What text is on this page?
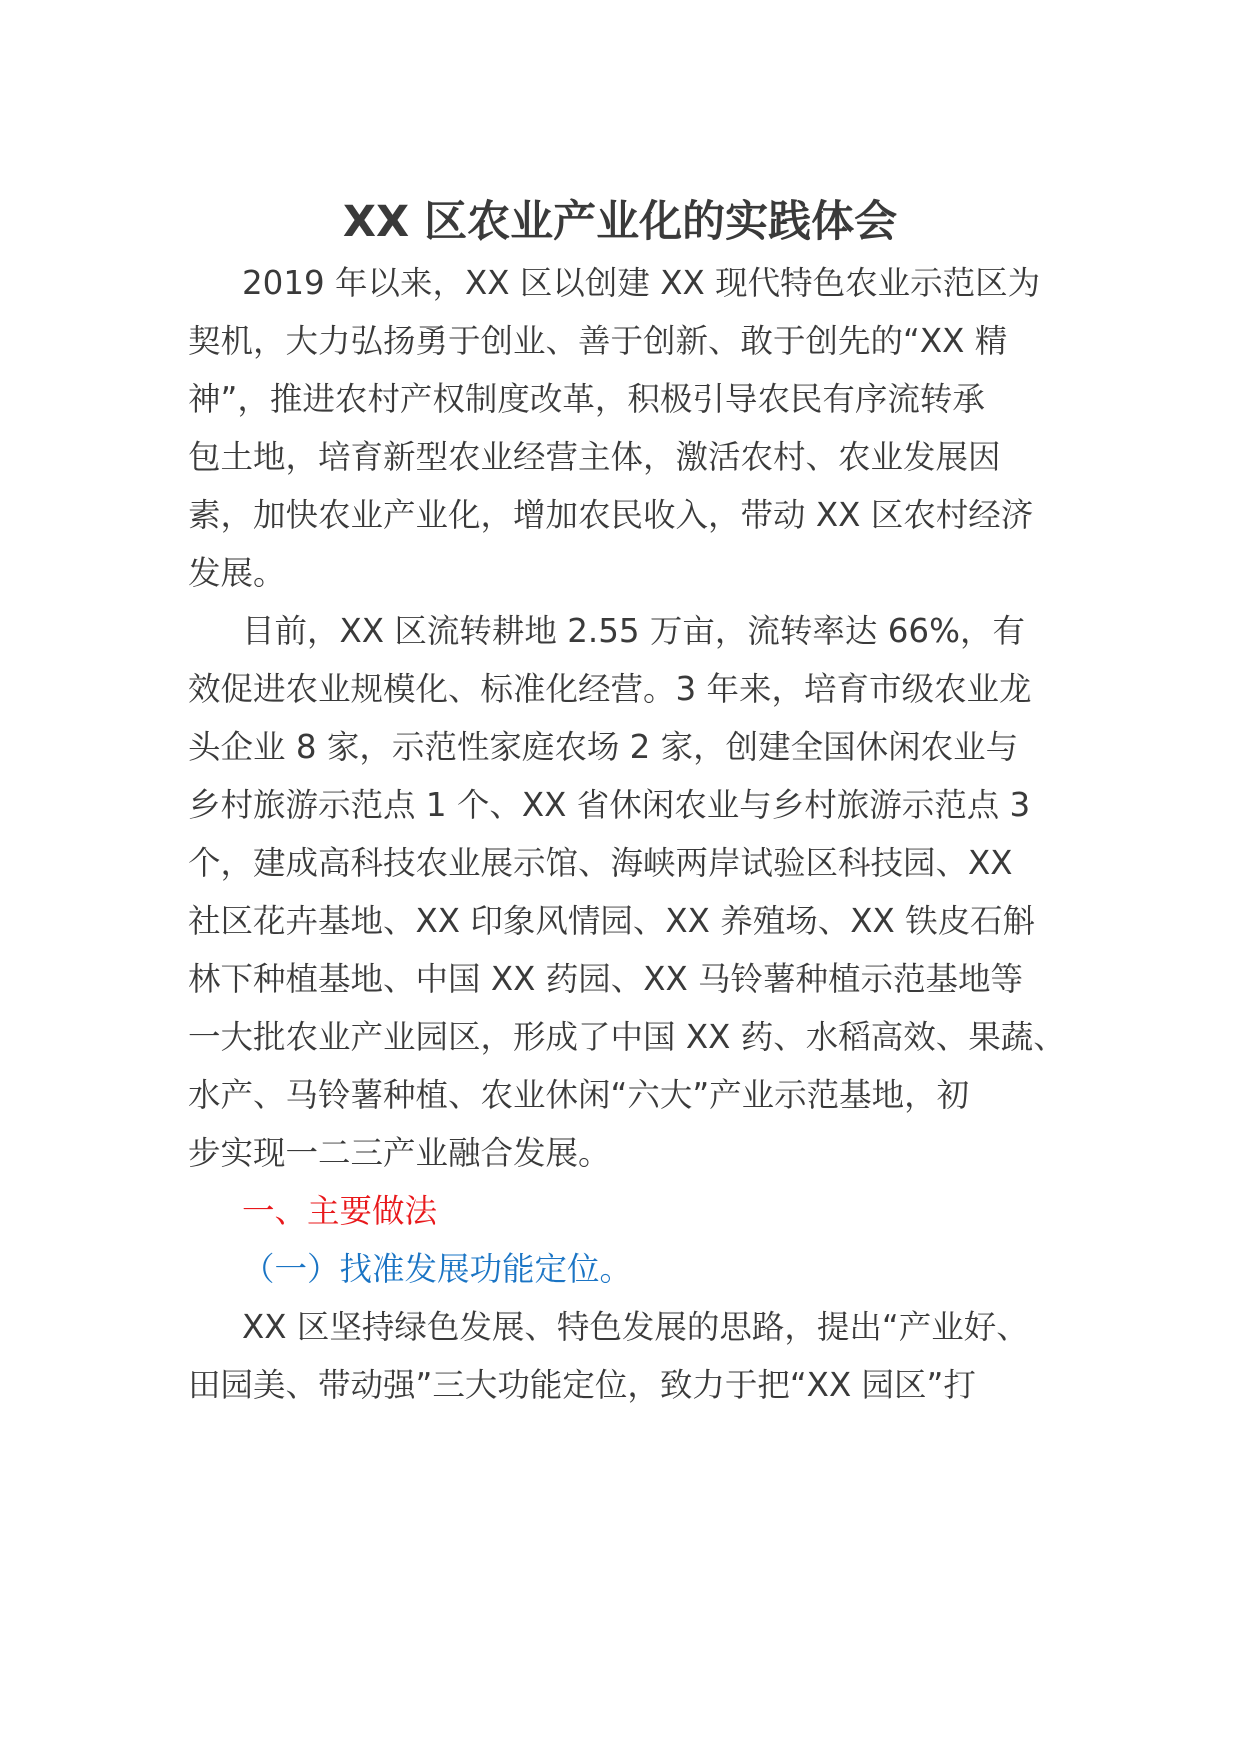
XX 区农业产业化的实践体会

2019 年以来，XX 区以创建 XX 现代特色农业示范区为

契机，大力弘扬勇于创业、善于创新、敢于创先的“XX 精

神”，推进农村产权制度改革，积极引导农民有序流转承

包土地，培育新型农业经营主体，激活农村、农业发展因

素，加快农业产业化，增加农民收入，带动 XX 区农村经济

发展。

目前，XX 区流转耕地 2.55 万亩，流转率达 66%，有

效促进农业规模化、标准化经营。3 年来，培育市级农业龙

头企业 8 家，示范性家庭农场 2 家，创建全国休闲农业与

乡村旅游示范点 1 个、XX 省休闲农业与乡村旅游示范点 3

个，建成高科技农业展示馆、海峡两岸试验区科技园、XX

社区花卉基地、XX 印象风情园、XX 养殖场、XX 铁皮石斛

林下种植基地、中国 XX 药园、XX 马铃薯种植示范基地等

一大批农业产业园区，形成了中国 XX 药、水稻高效、果蔬、

水产、马铃薯种植、农业休闲“六大”产业示范基地，初

步实现一二三产业融合发展。

一、主要做法

（一）找准发展功能定位。

XX 区坚持绿色发展、特色发展的思路，提出“产业好、

田园美、带动强”三大功能定位，致力于把“XX 园区”打
